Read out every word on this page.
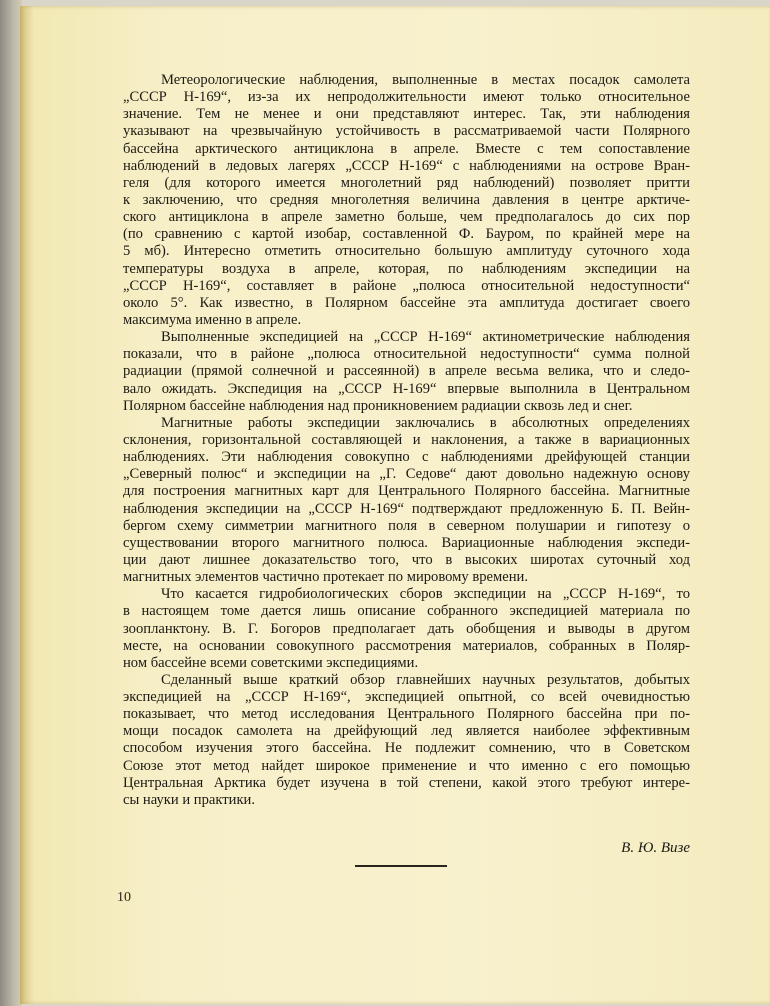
Метеорологические наблюдения, выполненные в местах посадок самолета
„СССР Н-169“, из-за их непродолжительности имеют только относительное
значение. Тем не менее и они представляют интерес. Так, эти наблюдения
указывают на чрезвычайную устойчивость в рассматриваемой части Полярного
бассейна арктического антициклона в апреле. Вместе с тем сопоставление
наблюдений в ледовых лагерях „СССР Н-169“ с наблюдениями на острове Вран-
геля (для которого имеется многолетний ряд наблюдений) позволяет притти
к заключению, что средняя многолетняя величина давления в центре арктиче-
ского антициклона в апреле заметно больше, чем предполагалось до сих пор
(по сравнению с картой изобар, составленной Ф. Бауром, по крайней мере на
5 мб). Интересно отметить относительно большую амплитуду суточного хода
температуры воздуха в апреле, которая, по наблюдениям экспедиции на
„СССР Н-169“, составляет в районе „полюса относительной недоступности“
около 5°. Как известно, в Полярном бассейне эта амплитуда достигает своего
максимума именно в апреле.
Выполненные экспедицией на „СССР Н-169“ актинометрические наблюдения
показали, что в районе „полюса относительной недоступности“ сумма полной
радиации (прямой солнечной и рассеянной) в апреле весьма велика, что и следо-
вало ожидать. Экспедиция на „СССР Н-169“ впервые выполнила в Центральном
Полярном бассейне наблюдения над проникновением радиации сквозь лед и снег.
Магнитные работы экспедиции заключались в абсолютных определениях
склонения, горизонтальной составляющей и наклонения, а также в вариационных
наблюдениях. Эти наблюдения совокупно с наблюдениями дрейфующей станции
„Северный полюс“ и экспедиции на „Г. Седове“ дают довольно надежную основу
для построения магнитных карт для Центрального Полярного бассейна. Магнитные
наблюдения экспедиции на „СССР Н-169“ подтверждают предложенную Б. П. Вейн-
бергом схему симметрии магнитного поля в северном полушарии и гипотезу о
существовании второго магнитного полюса. Вариационные наблюдения экспеди-
ции дают лишнее доказательство того, что в высоких широтах суточный ход
магнитных элементов частично протекает по мировому времени.
Что касается гидробиологических сборов экспедиции на „СССР Н-169“, то
в настоящем томе дается лишь описание собранного экспедицией материала по
зоопланктону. В. Г. Богоров предполагает дать обобщения и выводы в другом
месте, на основании совокупного рассмотрения материалов, собранных в Поляр-
ном бассейне всеми советскими экспедициями.
Сделанный выше краткий обзор главнейших научных результатов, добытых
экспедицией на „СССР Н-169“, экспедицией опытной, со всей очевидностью
показывает, что метод исследования Центрального Полярного бассейна при по-
мощи посадок самолета на дрейфующий лед является наиболее эффективным
способом изучения этого бассейна. Не подлежит сомнению, что в Советском
Союзе этот метод найдет широкое применение и что именно с его помощью
Центральная Арктика будет изучена в той степени, какой этого требуют интере-
сы науки и практики.
В. Ю. Визе
10
